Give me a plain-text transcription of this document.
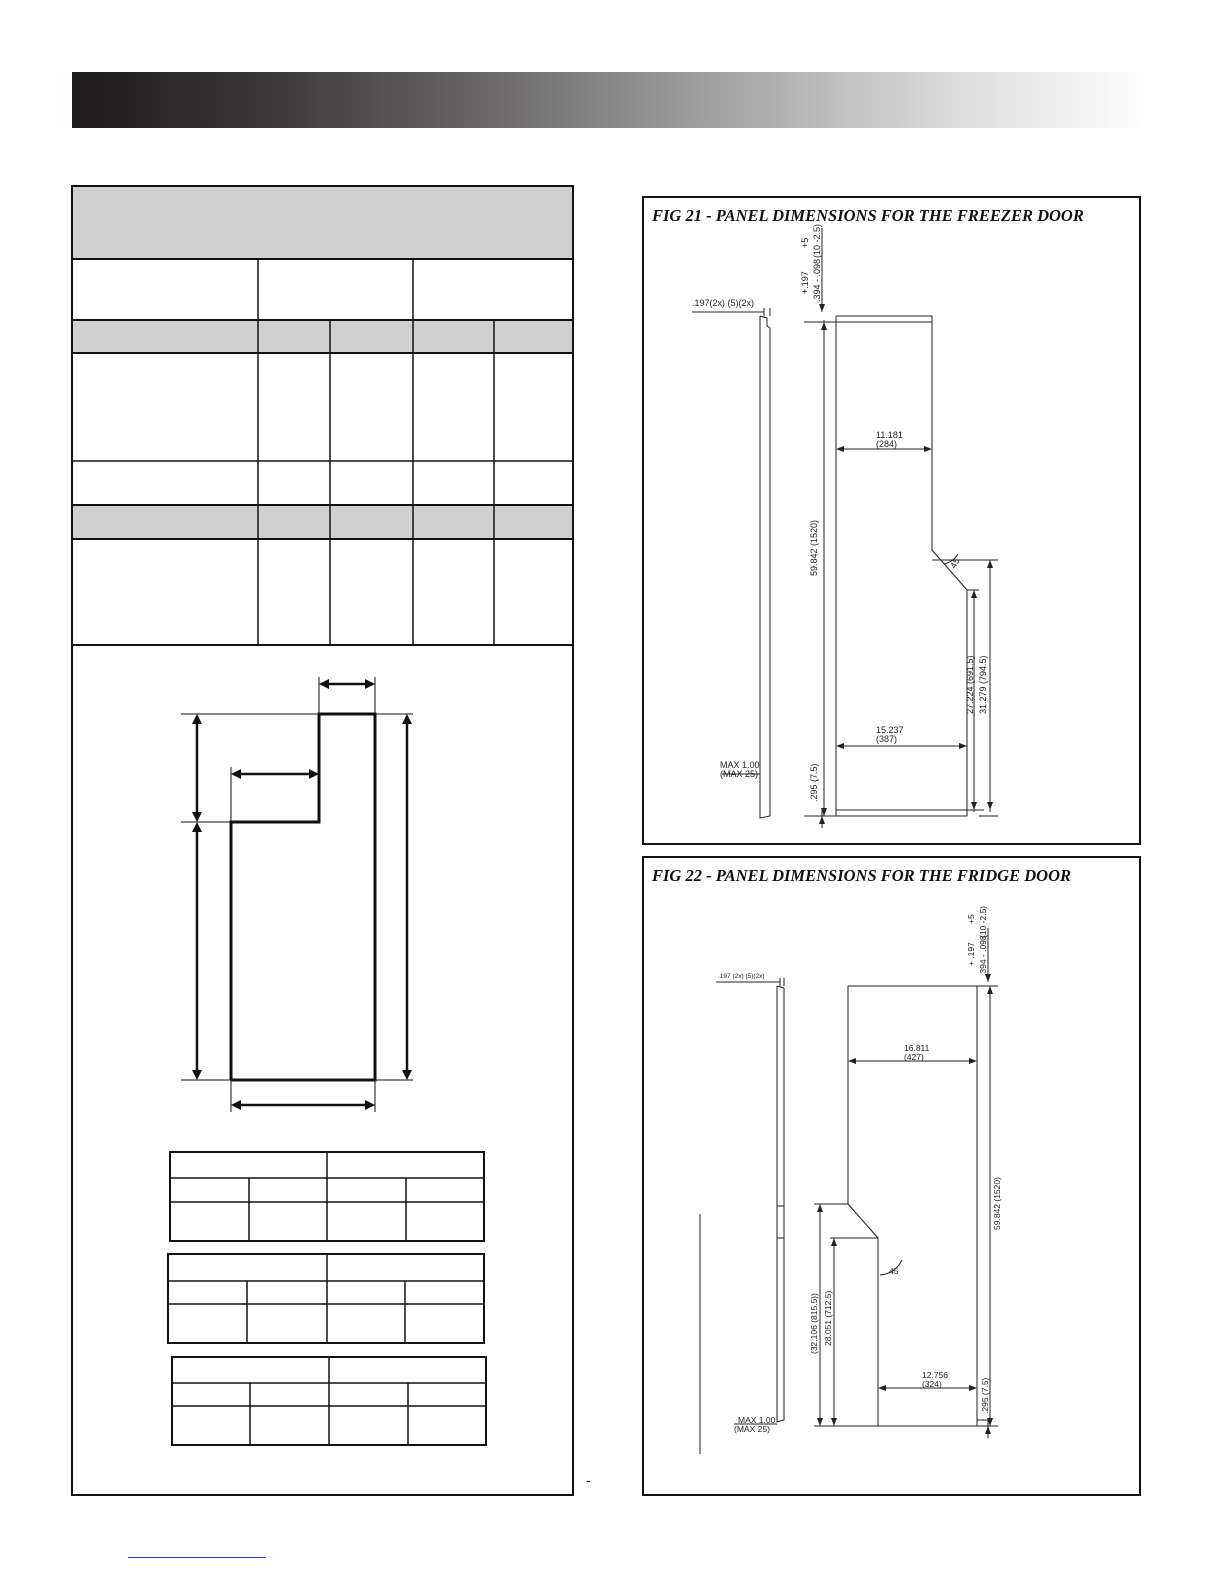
FIG 21 - PANEL DIMENSIONS FOR THE FREEZER DOOR
11.181
(284)
15.237
(387)
.197(2x) (5)(2x)
MAX 1.00
(MAX 25)
59.842 (1520)
.295 (7.5)
27.224 (691.5) 31.279 (794.5)
45
+5 (10 -2.5)
+.197 .394 - .098
FIG 22 - PANEL DIMENSIONS FOR THE FRIDGE DOOR
16.811
(427)
12.756
(324)
.197 (2x) (5)(2x)
MAX 1.00
(MAX 25)
59.842 (1520)
.295 (7.5)
(32.106 (815.5)) 28.051 (712.5)
45
+5 (10 -2.5)
+ .197 .394 - .098
-
